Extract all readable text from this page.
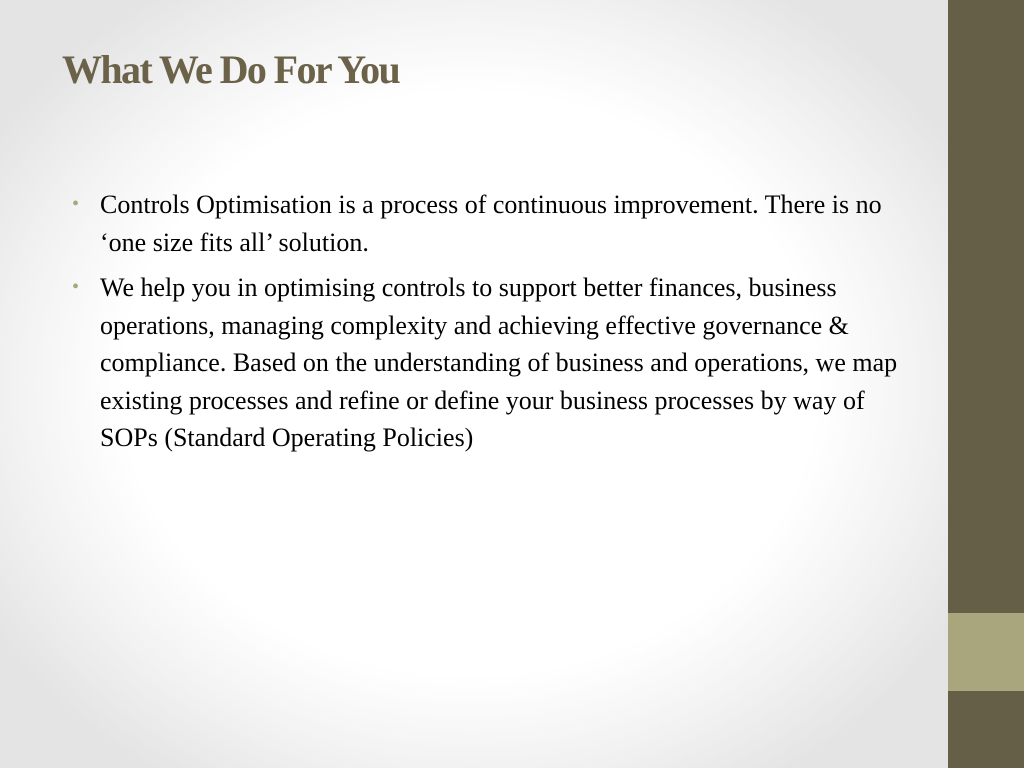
What We Do For You
• Controls Optimisation is a process of continuous improvement. There is no ‘one size fits all’ solution.
• We help you in optimising controls to support better finances, business operations, managing complexity and achieving effective governance & compliance. Based on the understanding of business and operations, we map existing processes and refine or define your business processes by way of SOPs (Standard Operating Policies)
